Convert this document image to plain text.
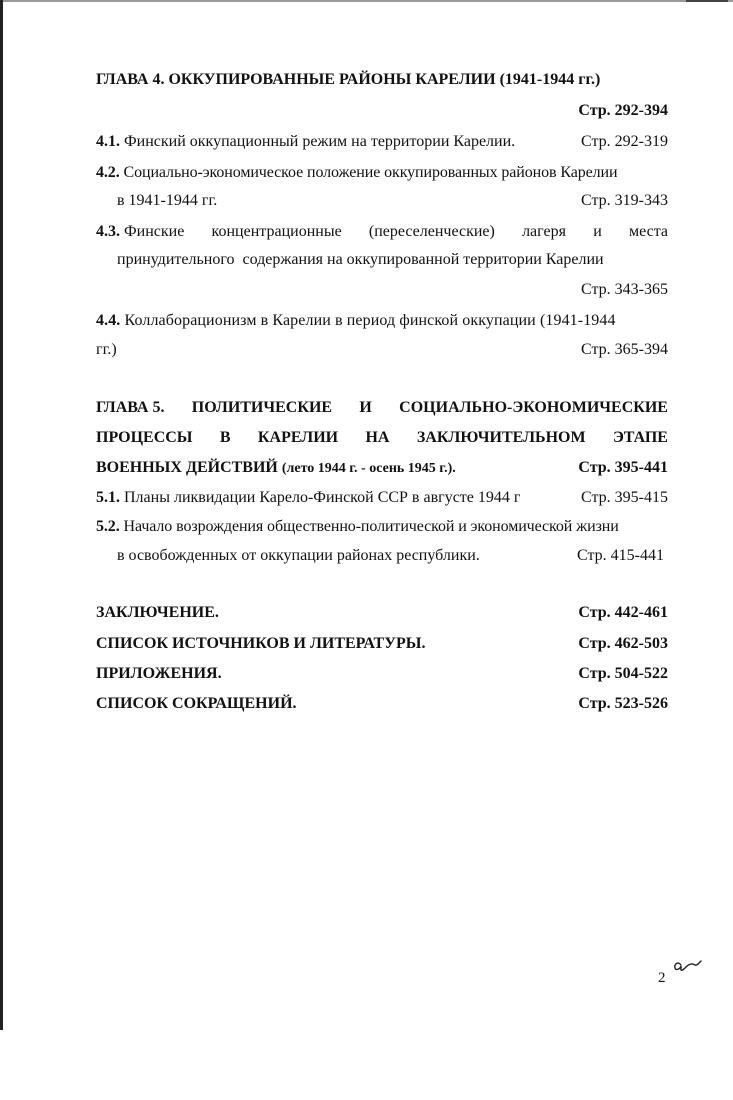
ГЛАВА 4. ОККУПИРОВАННЫЕ РАЙОНЫ КАРЕЛИИ (1941-1944 гг.)
Стр. 292-394
4.1. Финский оккупационный режим на территории Карелии.	Стр. 292-319
4.2. Социально-экономическое положение оккупированных районов Карелии
в 1941-1944 гг.	Стр. 319-343
4.3. Финские концентрационные (переселенческие) лагеря и места
принудительного  содержания на оккупированной территории Карелии
Стр. 343-365
4.4. Коллаборационизм в Карелии в период финской оккупации (1941-1944
гг.)	Стр. 365-394
ГЛАВА 5. ПОЛИТИЧЕСКИЕ И СОЦИАЛЬНО-ЭКОНОМИЧЕСКИЕ
ПРОЦЕССЫ В КАРЕЛИИ НА ЗАКЛЮЧИТЕЛЬНОМ ЭТАПЕ
ВОЕННЫХ ДЕЙСТВИЙ (лето 1944 г. - осень 1945 г.).	Стр. 395-441
5.1. Планы ликвидации Карело-Финской ССР в августе 1944 г	Стр. 395-415
5.2. Начало возрождения общественно-политической и экономической жизни
в освобожденных от оккупации районах республики.	Стр. 415-441
ЗАКЛЮЧЕНИЕ.	Стр. 442-461
СПИСОК ИСТОЧНИКОВ И ЛИТЕРАТУРЫ.	Стр. 462-503
ПРИЛОЖЕНИЯ.	Стр. 504-522
СПИСОК СОКРАЩЕНИЙ.	Стр. 523-526
2
